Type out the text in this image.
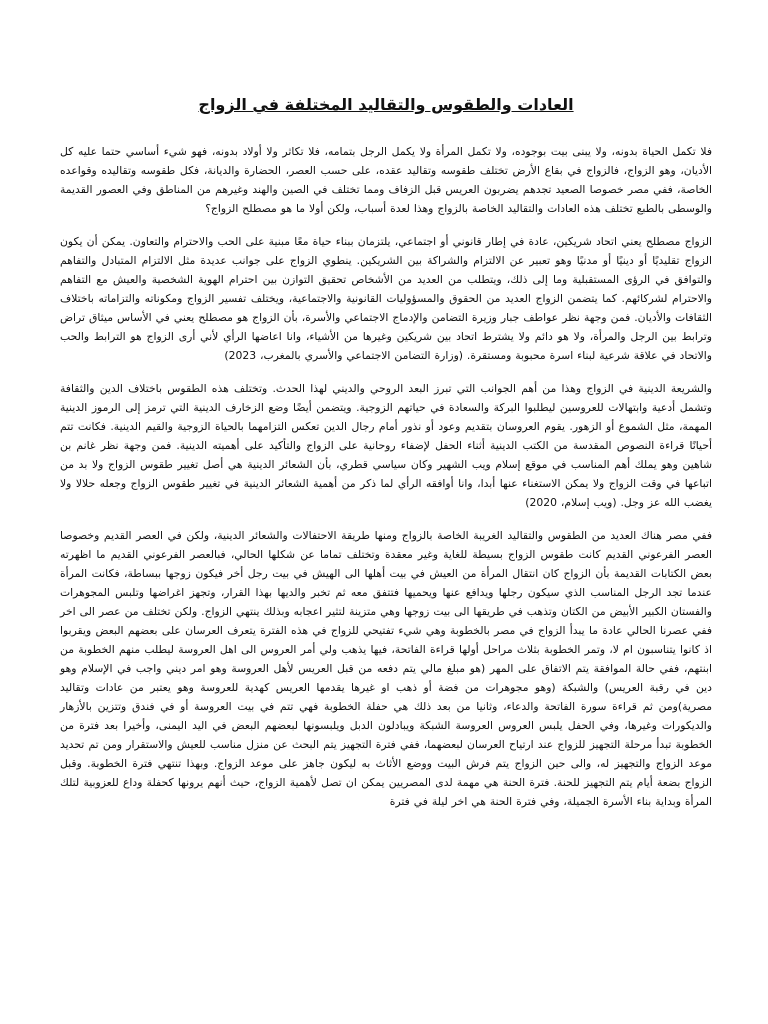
العادات والطقوس والتقاليد المختلفة في الزواج

فلا تكمل الحياة بدونه، ولا يبنى بيت بوجوده، ولا تكمل المرأة ولا يكمل الرجل بتمامه، فلا تكاثر ولا أولاد بدونه، فهو شيء أساسي حتما عليه كل الأديان، وهو الزواج، فالزواج في بقاع الأرض تختلف طقوسه وتقاليد عقده، على حسب العصر، الحضارة والديانة، فكل طقوسه وتقاليده وقواعده الخاصة، ففي مصر خصوصا الصعيد تجدهم يضربون العريس قبل الزفاف ومما تختلف في الصين والهند وغيرهم من المناطق وفي العصور القديمة والوسطى بالطبع تختلف هذه العادات والتقاليد الخاصة بالزواج وهذا لعدة أسباب، ولكن أولا ما هو مصطلح الزواج؟

الزواج مصطلح يعني اتحاد شريكين، عادة في إطار قانوني أو اجتماعي، يلتزمان ببناء حياة معًا مبنية على الحب والاحترام والتعاون. يمكن أن يكون الزواج تقليديًا أو دينيًا أو مدنيًا وهو تعبير عن الالتزام والشراكة بين الشريكين. ينطوي الزواج على جوانب عديدة مثل الالتزام المتبادل والتفاهم والتوافق في الرؤى المستقبلية وما إلى ذلك، ويتطلب من العديد من الأشخاص تحقيق التوازن بين احترام الهوية الشخصية والعيش مع التفاهم والاحترام لشركائهم. كما يتضمن الزواج العديد من الحقوق والمسؤوليات القانونية والاجتماعية، ويختلف تفسير الزواج ومكوناته والتزاماته باختلاف الثقافات والأديان. فمن وجهة نظر عواطف جبار وزيرة التضامن والإدماج الاجتماعي والأسرة، بأن الزواج هو مصطلح يعني في الأساس ميثاق تراض وترابط بين الرجل والمرأة، ولا هو دائم ولا يشترط اتحاد بين شريكين وغيرها من الأشياء، وانا اعاضها الرأي لأني أرى الزواج هو الترابط والحب والاتحاد في علاقة شرعية لبناء اسرة محبوبة ومستقرة. (وزارة التضامن الاجتماعي والأسري بالمغرب، 2023)

والشريعة الدينية في الزواج وهذا من أهم الجوانب التي تبرز البعد الروحي والديني لهذا الحدث. وتختلف هذه الطقوس باختلاف الدين والثقافة وتشمل أدعية وابتهالات للعروسين ليطلبوا البركة والسعادة في حياتهم الزوجية. ويتضمن أيضًا وضع الزخارف الدينية التي ترمز إلى الرموز الدينية المهمة، مثل الشموع أو الزهور. يقوم العروسان بتقديم وعود أو نذور أمام رجال الدين تعكس التزامهما بالحياة الزوجية والقيم الدينية. فكانت تتم أحيانًا قراءة النصوص المقدسة من الكتب الدينية أثناء الحفل لإضفاء روحانية على الزواج والتأكيد على أهميته الدينية. فمن وجهة نظر غانم بن شاهين وهو يملك أهم المناسب في موقع إسلام ويب الشهير وكان سياسي قطري، بأن الشعائر الدينية هي أصل تغيير طقوس الزواج ولا بد من اتباعها في وقت الزواج ولا يمكن الاستغناء عنها أبدا، وانا أوافقه الرأي لما ذكر من أهمية الشعائر الدينية في تغيير طقوس الزواج وجعله حلالا ولا يغضب الله عز وجل. (ويب إسلام، 2020)

ففي مصر هناك العديد من الطقوس والتقاليد الغريبة الخاصة بالزواج ومنها طريقة الاحتفالات والشعائر الدينية، ولكن في العصر القديم وخصوصا العصر الفرعوني القديم كانت طقوس الزواج بسيطة للغاية وغير معقدة وتختلف تماما عن شكلها الحالي، فبالعصر الفرعوني القديم ما اظهرته بعض الكتابات القديمة بأن الزواج كان انتقال المرأة من العيش في بيت أهلها الى الهيش في بيت رجل أخر فيكون زوجها ببساطة، فكانت المرأة عندما تجد الرجل المناسب الذي سيكون رجلها ويدافع عنها ويحميها فتتفق معه ثم تخبر والديها بهذا القرار، وتجهز اغراضها وتلبس المجوهرات والفستان الكبير الأبيض من الكتان وتذهب في طريقها الى بيت زوجها وهي متزينة لتثير اعجابه وبذلك ينتهي الزواج. ولكن تختلف من عصر الى اخر ففي عصرنا الحالي عادة ما يبدأ الزواج في مصر بالخطوبة وهي شيء تفتيحي للزواج في هذه الفترة يتعرف العرسان على بعضهم البعض ويقربوا اذ كانوا يتناسبون ام لا، وتمر الخطوبة بثلاث مراحل أولها قراءة الفاتحة، فيها يذهب ولي أمر العروس الى اهل العروسة ليطلب منهم الخطوبة من ابنتهم، ففي حالة الموافقة يتم الاتفاق على المهر (هو مبلغ مالي يتم دفعه من قبل العريس لأهل العروسة وهو امر ديني واجب في الإسلام وهو دين في رقبة العريس) والشبكة (وهو مجوهرات من فضة أو ذهب او غيرها يقدمها العريس كهدية للعروسة وهو يعتبر من عادات وتقاليد مصرية)ومن ثم قراءة سورة الفاتحة والدعاء، وثانيا من بعد ذلك هي حفلة الخطوبة فهي تتم في بيت العروسة أو في فندق وتتزين بالأزهار والديكورات وغيرها، وفي الحفل يلبس العروس العروسة الشبكة ويبادلون الدبل ويلبسونها لبعضهم البعض في اليد اليمنى، وأخيرا بعد فترة من الخطوبة تبدأ مرحلة التجهيز للزواج عند ارتياح العرسان لبعضهما، ففي فترة التجهيز يتم البحث عن منزل مناسب للعيش والاستقرار ومن تم تحديد موعد الزواج والتجهيز له، والى حين الزواج يتم فرش البيت ووضع الأثاث به ليكون جاهز على موعد الزواج. وبهذا تنتهي فترة الخطوبة. وقبل الزواج بضعة أيام يتم التجهيز للحنة. فترة الحنة هي مهمة لدى المصريين يمكن ان تصل لأهمية الزواج، حيث أنهم يرونها كحفلة وداع للعزوبية لتلك المرأة وبداية بناء الأسرة الجميلة، وفي فترة الحنة هي اخر ليلة في فترة
